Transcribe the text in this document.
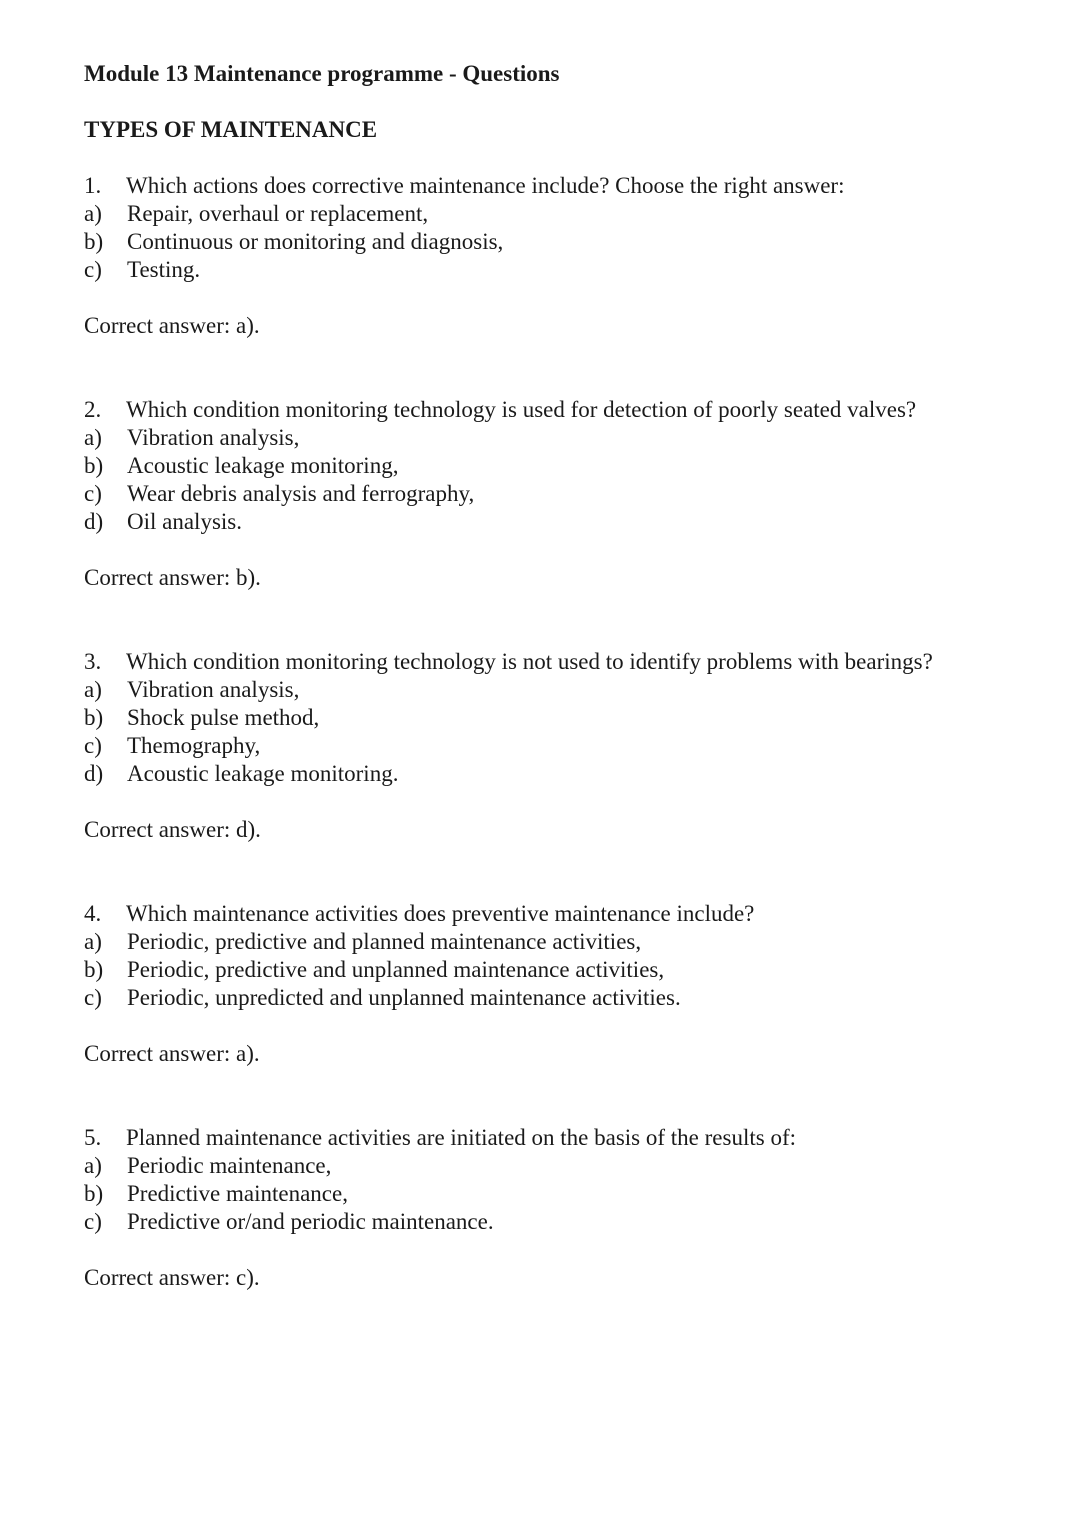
Module 13 Maintenance programme - Questions
TYPES OF MAINTENANCE
1.	Which actions does corrective maintenance include? Choose the right answer:
a)	Repair, overhaul or replacement,
b)	Continuous or monitoring and diagnosis,
c)	Testing.
Correct answer: a).
2.	Which condition monitoring technology is used for detection of poorly seated valves?
a)	Vibration analysis,
b)	Acoustic leakage monitoring,
c)	Wear debris analysis and ferrography,
d)	Oil analysis.
Correct answer: b).
3.	Which condition monitoring technology is not used to identify problems with bearings?
a)	Vibration analysis,
b)	Shock pulse method,
c)	Themography,
d)	Acoustic leakage monitoring.
Correct answer: d).
4.	Which maintenance activities does preventive maintenance include?
a)	Periodic, predictive and planned maintenance activities,
b)	Periodic, predictive and unplanned maintenance activities,
c)	Periodic, unpredicted and unplanned maintenance activities.
Correct answer: a).
5.	Planned maintenance activities are initiated on the basis of the results of:
a)	Periodic maintenance,
b)	Predictive maintenance,
c)	Predictive or/and periodic maintenance.
Correct answer: c).
